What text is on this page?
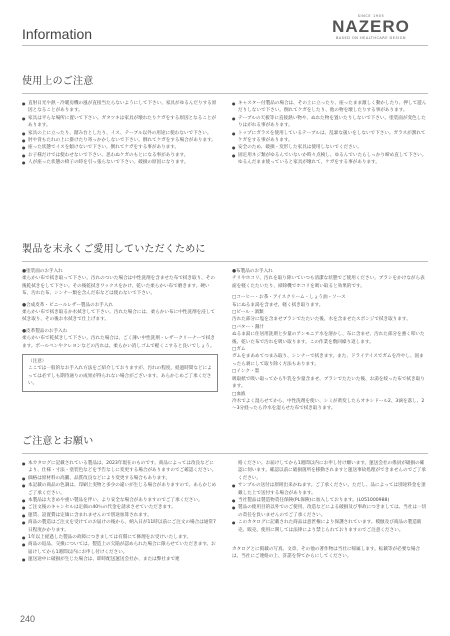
SINCE 1905
NAZERO
BASED ON HEALTHCARE DESIGN
Information
使用上のご注意
● 直射日光や熱・冷暖房機の風が直接当たらないようにして下さい。家具がゆるんだりする原因となることがあります。
● 家具は平らな場所に置いて下さい。ガタツキは家具が壊れたりケガをする原因となることがあります。
● 家具の上に立ったり、踏み台としたり、イス、テーブル以外の用途に使わないで下さい。
● 肘や背もたれの上に掛けたり寄っかかしないで下さい。倒れてケガをする場合があります。
● 座った状態でイスを傾けないで下さい。倒れてケガをする事があります。
● お子様だけでは使わせないで下さい。思わぬケガのもとになる事があります。
● 人が座った状態の椅子の時を引っ張らないで下さい。破損の原因になります。
● キャスター付製品の場合は、その上に立ったり、座ったまま激しく動かしたり、押して遊んだりしないで下さい。倒れてケガをしたり、他の物を壊したりする事があります。
● テーブルの天板等に直接熱い物や、ぬれた物を置いたりしないで下さい。塗装面が変色したりはがれる事があります。
● トップにガラスを使用しているテーブルは、乱暴な扱いをしないで下さい。ガラスが割れてケガをする事があります。
● 安全のため、破損・変形した家具は使用しないでください。
● 固定用ネジ類がゆるんでいないか時々点検し、ゆるんでいたらしっかり締め直して下さい。ゆるんだまま使っていると家具が壊れて、ケガをする事があります。
製品を末永くご愛用していただくために
●塗装面のお手入れ
柔らかい布で拭き取って下さい。汚れのついた場合は中性洗剤を含ませた布で拭き取り、その後乾拭きをして下さい。その後乾拭きワックスをかけ、乾いた柔らかい布で磨きます。硬い布、汚れた布、シンナー類を含んだ布などは使わないで下さい。
●合成皮革・ビニールレザー製品のお手入れ
柔らかい布で拭き取るか水拭きして下さい。汚れた場合には、柔らかい布に中性洗剤を浸して拭き取り、その後お水拭きで仕上げます。
●皮革製品のお手入れ
柔らかい布で乾拭きして下さい。汚れた場合は、ごく薄い中性洗剤・レザークリーナーで拭きます。ボールペンやクレヨンなどの汚れは、柔らかい消しゴムで軽くこすると良いでしょう。
（注意）
ここでは一般的なお手入れ方法をご紹介しておりますが、汚れの程度、経過時間などによっては必ずしも期待通りの成果が得られない場合がございます。あらかじめご了承ください。
●布製品のお手入れ
チリやホコリ、汚れを取り除いていつも清潔な状態でご使用ください。ブラシをかけながら表面を軽くたたいたり、掃除機でホコリを吸い取ると効果的です。
□コーヒー・お茶・アイスクリーム・しょう油・ソース
布にぬるま湯を含ませ、軽く拭き取ります。
□ビール・酒類
汚れた部分に塩を含ませブラシでたたいた後、水を含ませたスポンジで拭き取ります。
□バター・醤汁
ぬるま湯に住居用洗剤と少量のアンモニア水を溶かし、布に含ませ、汚れた部分を強く叩いた後、乾いた布で汚れを吸い取ります。この作業を数回繰り返します。
□ガム
ガムをまあめてつまみ取り、シンナーで拭きます。また、ドライアイスでガムを冷やし、固まったら剥にして取り除く方法もあります。
□インク・墨
吸取紙で吸い取ってから牛乳を少量含ませ、ブラシでたたいた後、お湯を絞った布で拭き取ります。
□血液
冷水でよく湿らせてから、中性洗剤を使い、シミが黄変したらオキシドール2、3滴を落し、2～3分経ったら冷水を湿らせた布で拭き取ります。
ご注意とお願い
● 本カタログに記載されている製品は、2023年現在のものです。商品によっては改良などにより、仕様・寸法・塗装色などを予告なしに変更する場合がありますのでご確認ください。
● 価格は原材料の高騰、品質改良などにより変更する場合もあります。
● 本記載の商品の色調は、印刷上実物と多少の違いが生じる場合がありますので、あらかじめご了承ください。
● 本製品は大きめや重い製品を伴い、より安全な場合がありますのでご了承ください。
● ご注文後のキャンセルは定価の40％の代金を請求させていただきます。
● 運賃、設置費は定価に含まれませんので別途加算されます。
● 商品の製造はご注文を受けてのお届けの後から、納入日が11時以前にご注文の場合は通常7日程度かかります。
● 1年以上経過した製品の故障につきましては有償にて修理をお受けいたします。
● 商品の返品、交換については、製造上の欠陥が認められた場合に限らせていただきます。お届けしてから1週間以内にお申し付けください。
● 運送途中に破損が生じた場合は、即時配送運送会社か、または弊社まで連
絡ください。お届けしてから1週間以内にお申し付け願います。運送会社の係員が破損の確認に伺います。確認以前に破損箇所を移動されますと運送事故処理ができませんのでご了承ください。
● サンプルの送付は原則出来かねます。ご了承ください。ただし、品によっては別途料金を頂戴した上で送付する場合があります。
● 当社製品は製造物責任保険(PL保険)に加入しております。(L051000988)
● 製品の使用目的以外でのご使用、改造などによる破損及び事故につきましては、当社は一切の責任を負いませんのでご了承ください。
● このカタログに記載された商品は意匠権により保護されています。模倣及び商品の製造販売、販売、使用に関しては法律により禁じられておりますのでご注意ください。
カタログとに掲載の写真、文章、その他の著作物は当社に帰属します。転載等が必要な場合は、当社にご連絡の上、許諾を得てからにしてください。
240
